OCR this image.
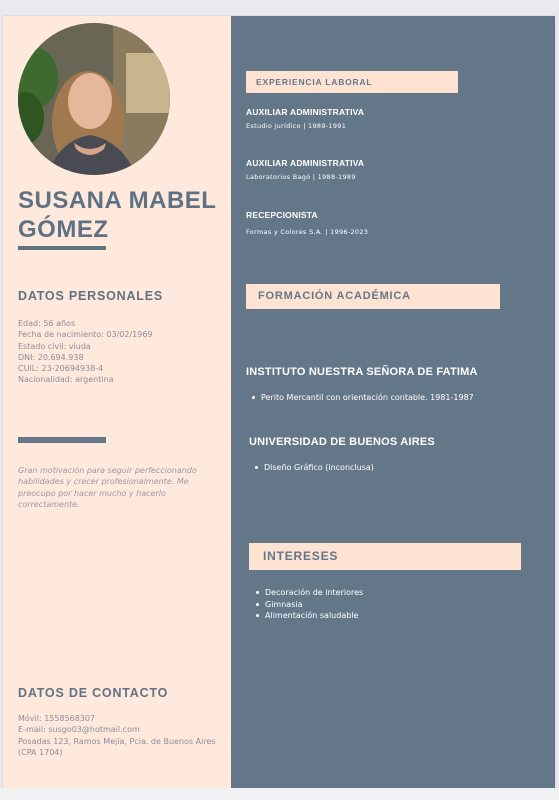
SUSANA MABEL
GÓMEZ
DATOS PERSONALES
Edad: 56 años
Fecha de nacimiento: 03/02/1969
Estado civil: viuda
DNI: 20.694.938
CUIL: 23-20694938-4
Nacionalidad: argentina
Gran motivación para seguir perfeccionando habilidades y crecer profesionalmente. Me preocupo por hacer mucho y hacerlo correctamente.
DATOS DE CONTACTO
Móvil: 1558568307
E-mail: susgo03@hotmail.com
Posadas 123, Ramos Mejía, Pcia. de Buenos Aires
(CPA 1704)
EXPERIENCIA LABORAL
AUXILIAR ADMINISTRATIVA
Estudio jurídico | 1989-1991
AUXILIAR ADMINISTRATIVA
Laboratorios Bagó | 1988-1989
RECEPCIONISTA
Formas y Colores S.A. | 1996-2023
FORMACIÓN ACADÉMICA
INSTITUTO NUESTRA SEÑORA DE FATIMA
Perito Mercantil con orientación contable. 1981-1987
UNIVERSIDAD DE BUENOS AIRES
Diseño Gráfico (inconclusa)
INTERESES
Decoración de interiores
Gimnasia
Alimentación saludable
